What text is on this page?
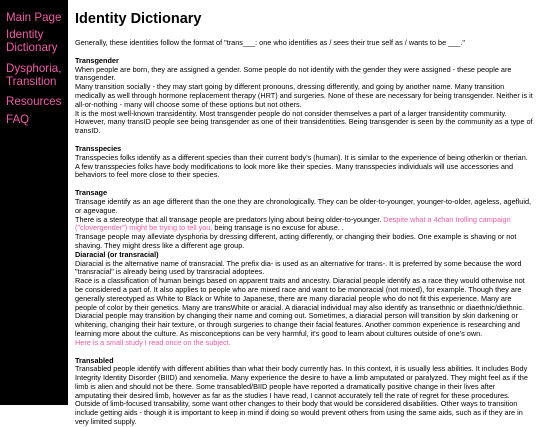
Main Page
Identity Dictionary
Dysphoria, Transition
Resources
FAQ
Identity Dictionary

Generally, these identities follow the format of "trans___: one who identifies as / sees their true self as / wants to be ___."

Transgender

When people are born, they are assigned a gender. Some people do not identify with the gender they were assigned - these people are transgender.

Many transition socially - they may start going by different pronouns, dressing differently, and going by another name. Many transition medically as well through hormone replacement therapy (HRT) and surgeries. None of these are necessary for being transgender. Neither is it all-or-nothing - many will choose some of these options but not others.

It is the most well-known transidentity. Most transgender people do not consider themselves a part of a larger transidentity community. However, many transID people see being transgender as one of their transidentities. Being transgender is seen by the community as a type of transID.

Transspecies

Transspecies folks identify as a different species than their current body's (human). It is similar to the experience of being otherkin or therian. A few transspecies folks have body modifications to look more like their species. Many transspecies individuals will use accessories and behaviors to feel more close to their species.

Transage

Transage identify as an age different than the one they are chronologically. They can be older-to-younger, younger-to-older, ageless, agefluid, or agevague.

There is a stereotype that all transage people are predators lying about being older-to-younger. Despite what a 4chan trolling campaign ("clovergender") might be trying to tell you, being transage is no excuse for abuse. .

Transage people may alleviate dysphoria by dressing different, acting differently, or changing their bodies. One example is shaving or not shaving. They might dress like a different age group.

Diaracial (or transracial)

Diaracial is the alternative name of transracial. The prefix dia- is used as an alternative for trans-. It is preferred by some because the word "transracial" is already being used by transracial adoptees.

Race is a classification of human beings based on apparent traits and ancestry. Diaracial people identify as a race they would otherwise not be considered a part of. It also applies to people who are mixed race and want to be monoracial (not mixed), for example. Though they are generally stereotyped as White to Black or White to Japanese, there are many diaracial people who do not fit this experience. Many are people of color by their genetics. Many are transWhite or aracial. A diaracial individual may also identify as transethnic or diaethnic/diethnic.

Diaracial people may transition by changing their name and coming out. Sometimes, a diaracial person will transition by skin darkening or whitening, changing their hair texture, or through surgeries to change their facial features. Another common experience is researching and learning more about the culture. As misconceptions can be very harmful, it's good to learn about cultures outside of one's own.

Here is a small study I read once on the subject.

Transabled

Transabled people identify with different abilities than what their body currently has. In this context, it is usually less abilities. It includes Body Integrity Identity Disorder (BIID) and xenomelia. Many experience the desire to have a limb amputated or paralyzed. They might feel as if the limb is alien and should not be there. Some transabled/BIID people have reported a dramatically positive change in their lives after amputating their desired limb, however as far as the studies I have read, I cannot accurately tell the rate of regret for these procedures. Outside of limb-focused transability, some want other changes to their body that would be considered disabilities. Other ways to transition include getting aids - though it is important to keep in mind if doing so would prevent others from using the same aids, such as if they are in very limited supply.
